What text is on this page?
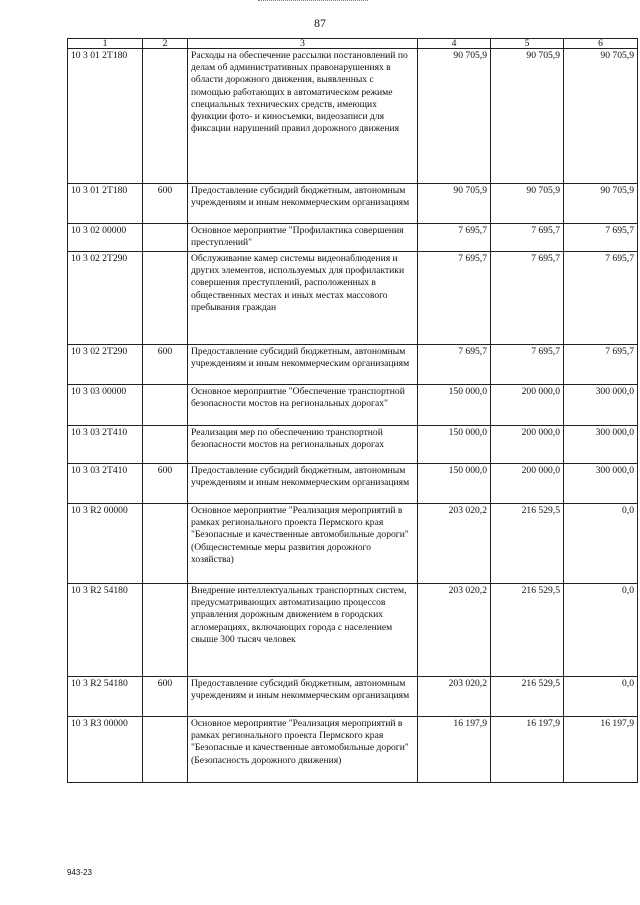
87
1	2	3	4	5	6
10 3 01 2Т180		Расходы на обеспечение рассылки постановлений по делам об административных правонарушениях в области дорожного движения, выявленных с помощью работающих в автоматическом режиме специальных технических средств, имеющих функции фото- и киносъемки, видеозаписи для фиксации нарушений правил дорожного движения	90 705,9	90 705,9	90 705,9
10 3 01 2Т180	600	Предоставление субсидий бюджетным, автономным учреждениям и иным некоммерческим организациям	90 705,9	90 705,9	90 705,9
10 3 02 00000		Основное мероприятие "Профилактика совершения преступлений"	7 695,7	7 695,7	7 695,7
10 3 02 2Т290		Обслуживание камер системы видеонаблюдения и других элементов, используемых для профилактики совершения преступлений, расположенных в общественных местах и иных местах массового пребывания граждан	7 695,7	7 695,7	7 695,7
10 3 02 2Т290	600	Предоставление субсидий бюджетным, автономным учреждениям и иным некоммерческим организациям	7 695,7	7 695,7	7 695,7
10 3 03 00000		Основное мероприятие "Обеспечение транспортной безопасности мостов на региональных дорогах"	150 000,0	200 000,0	300 000,0
10 3 03 2Т410		Реализация мер по обеспечению транспортной безопасности мостов на региональных дорогах	150 000,0	200 000,0	300 000,0
10 3 03 2Т410	600	Предоставление субсидий бюджетным, автономным учреждениям и иным некоммерческим организациям	150 000,0	200 000,0	300 000,0
10 3 R2 00000		Основное мероприятие "Реализация мероприятий в рамках регионального проекта Пермского края "Безопасные и качественные автомобильные дороги" (Общесистемные меры развития дорожного хозяйства)	203 020,2	216 529,5	0,0
10 3 R2 54180		Внедрение интеллектуальных транспортных систем, предусматривающих автоматизацию процессов управления дорожным движением в городских агломерациях, включающих города с населением свыше 300 тысяч человек	203 020,2	216 529,5	0,0
10 3 R2 54180	600	Предоставление субсидий бюджетным, автономным учреждениям и иным некоммерческим организациям	203 020,2	216 529,5	0,0
10 3 R3 00000		Основное мероприятие "Реализация мероприятий в рамках регионального проекта Пермского края "Безопасные и качественные автомобильные дороги" (Безопасность дорожного движения)	16 197,9	16 197,9	16 197,9
943-23
